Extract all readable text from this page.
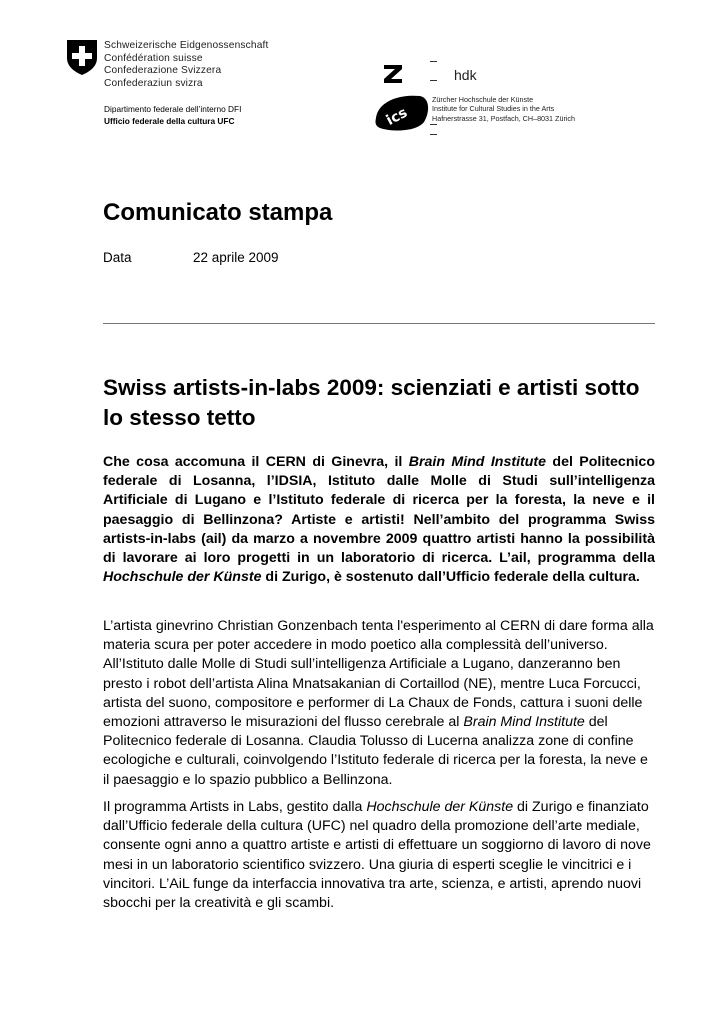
Schweizerische Eidgenossenschaft
Confédération suisse
Confederazione Svizzera
Confederaziun svizra
Dipartimento federale dell’interno DFI
Ufficio federale della cultura UFC	ics
hdk
Zürcher Hochschule der Künste
Institute for Cultural Studies in the Arts
Hafnerstrasse 31, Postfach, CH–8031 Zürich
Comunicato stampa
Data	22 aprile 2009
Swiss artists-in-labs 2009: scienziati e artisti sotto lo stesso tetto

Che cosa accomuna il CERN di Ginevra, il Brain Mind Institute del Politecnico federale di Losanna, l’IDSIA, Istituto dalle Molle di Studi sull’intelligenza Artificiale di Lugano e l’Istituto federale di ricerca per la foresta, la neve e il paesaggio di Bellinzona? Artiste e artisti! Nell’ambito del programma Swiss artists-in-labs (ail) da marzo a novembre 2009 quattro artisti hanno la possibilità di lavorare ai loro progetti in un laboratorio di ricerca. L’ail, programma della Hochschule der Künste di Zurigo, è sostenuto dall’Ufficio federale della cultura.

L’artista ginevrino Christian Gonzenbach tenta l'esperimento al CERN di dare forma alla materia scura per poter accedere in modo poetico alla complessità dell’universo. All’Istituto dalle Molle di Studi sull’intelligenza Artificiale a Lugano, danzeranno ben presto i robot dell’artista Alina Mnatsakanian di Cortaillod (NE), mentre Luca Forcucci, artista del suono, compositore e performer di La Chaux de Fonds, cattura i suoni delle emozioni attraverso le misurazioni del flusso cerebrale al Brain Mind Institute del Politecnico federale di Losanna. Claudia Tolusso di Lucerna analizza zone di confine ecologiche e culturali, coinvolgendo l’Istituto federale di ricerca per la foresta, la neve e il paesaggio e lo spazio pubblico a Bellinzona.

Il programma Artists in Labs, gestito dalla Hochschule der Künste di Zurigo e finanziato dall’Ufficio federale della cultura (UFC) nel quadro della promozione dell’arte mediale, consente ogni anno a quattro artiste e artisti di effettuare un soggiorno di lavoro di nove mesi in un laboratorio scientifico svizzero. Una giuria di esperti sceglie le vincitrici e i vincitori. L’AiL funge da interfaccia innovativa tra arte, scienza, e artisti, aprendo nuovi sbocchi per la creatività e gli scambi.
